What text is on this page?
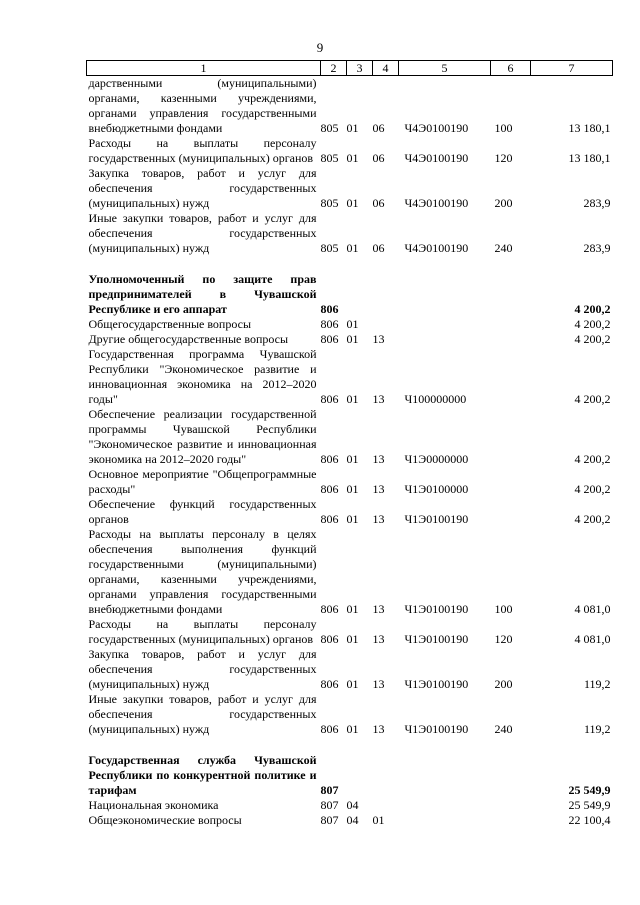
9
1	2	3	4	5	6	7
дарственными (муниципальными) органами, казенными учреждениями, органами управления государственными внебюджетными фондами	805	01	06	Ч4Э0100190	100	13 180,1
Расходы на выплаты персоналу государственных (муниципальных) органов	805	01	06	Ч4Э0100190	120	13 180,1
Закупка товаров, работ и услуг для обеспечения государственных (муниципальных) нужд	805	01	06	Ч4Э0100190	200	283,9
Иные закупки товаров, работ и услуг для обеспечения государственных (муниципальных) нужд	805	01	06	Ч4Э0100190	240	283,9

Уполномоченный по защите прав предпринимателей в Чувашской Республике и его аппарат	806					4 200,2
Общегосударственные вопросы	806	01				4 200,2
Другие общегосударственные вопросы	806	01	13			4 200,2
Государственная программа Чувашской Республики "Экономическое развитие и инновационная экономика на 2012–2020 годы"	806	01	13	Ч100000000		4 200,2
Обеспечение реализации государственной программы Чувашской Республики "Экономическое развитие и инновационная экономика на 2012–2020 годы"	806	01	13	Ч1Э0000000		4 200,2
Основное мероприятие "Общепрограммные расходы"	806	01	13	Ч1Э0100000		4 200,2
Обеспечение функций государственных органов	806	01	13	Ч1Э0100190		4 200,2
Расходы на выплаты персоналу в целях обеспечения выполнения функций государственными (муниципальными) органами, казенными учреждениями, органами управления государственными внебюджетными фондами	806	01	13	Ч1Э0100190	100	4 081,0
Расходы на выплаты персоналу государственных (муниципальных) органов	806	01	13	Ч1Э0100190	120	4 081,0
Закупка товаров, работ и услуг для обеспечения государственных (муниципальных) нужд	806	01	13	Ч1Э0100190	200	119,2
Иные закупки товаров, работ и услуг для обеспечения государственных (муниципальных) нужд	806	01	13	Ч1Э0100190	240	119,2

Государственная служба Чувашской Республики по конкурентной политике и тарифам	807					25 549,9
Национальная экономика	807	04				25 549,9
Общеэкономические вопросы	807	04	01			22 100,4
